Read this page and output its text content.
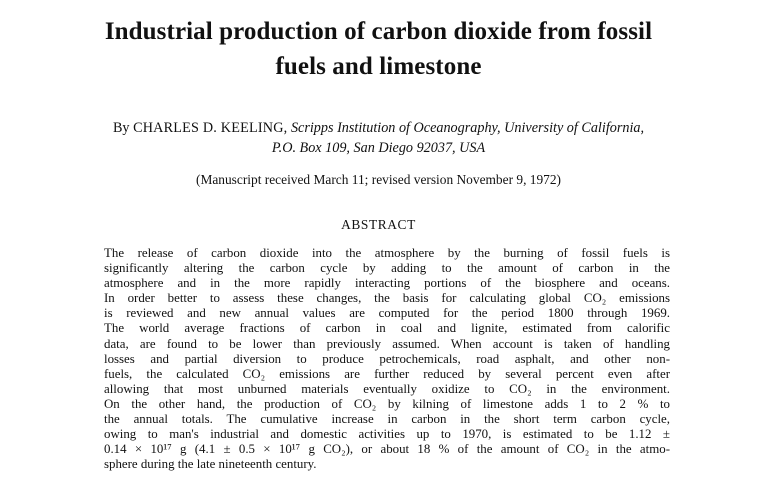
Industrial production of carbon dioxide from fossil
fuels and limestone
By CHARLES D. KEELING, Scripps Institution of Oceanography, University of California,
P.O. Box 109, San Diego 92037, USA
(Manuscript received March 11; revised version November 9, 1972)
ABSTRACT
The release of carbon dioxide into the atmosphere by the burning of fossil fuels is
significantly altering the carbon cycle by adding to the amount of carbon in the
atmosphere and in the more rapidly interacting portions of the biosphere and oceans.
In order better to assess these changes, the basis for calculating global CO₂ emissions
is reviewed and new annual values are computed for the period 1800 through 1969.
The world average fractions of carbon in coal and lignite, estimated from calorific
data, are found to be lower than previously assumed. When account is taken of handling
losses and partial diversion to produce petrochemicals, road asphalt, and other non-
fuels, the calculated CO₂ emissions are further reduced by several percent even after
allowing that most unburned materials eventually oxidize to CO₂ in the environment.
On the other hand, the production of CO₂ by kilning of limestone adds 1 to 2 % to
the annual totals. The cumulative increase in carbon in the short term carbon cycle,
owing to man's industrial and domestic activities up to 1970, is estimated to be 1.12 ±
0.14 × 10¹⁷ g (4.1 ± 0.5 × 10¹⁷ g CO₂), or about 18 % of the amount of CO₂ in the atmo-
sphere during the late nineteenth century.
